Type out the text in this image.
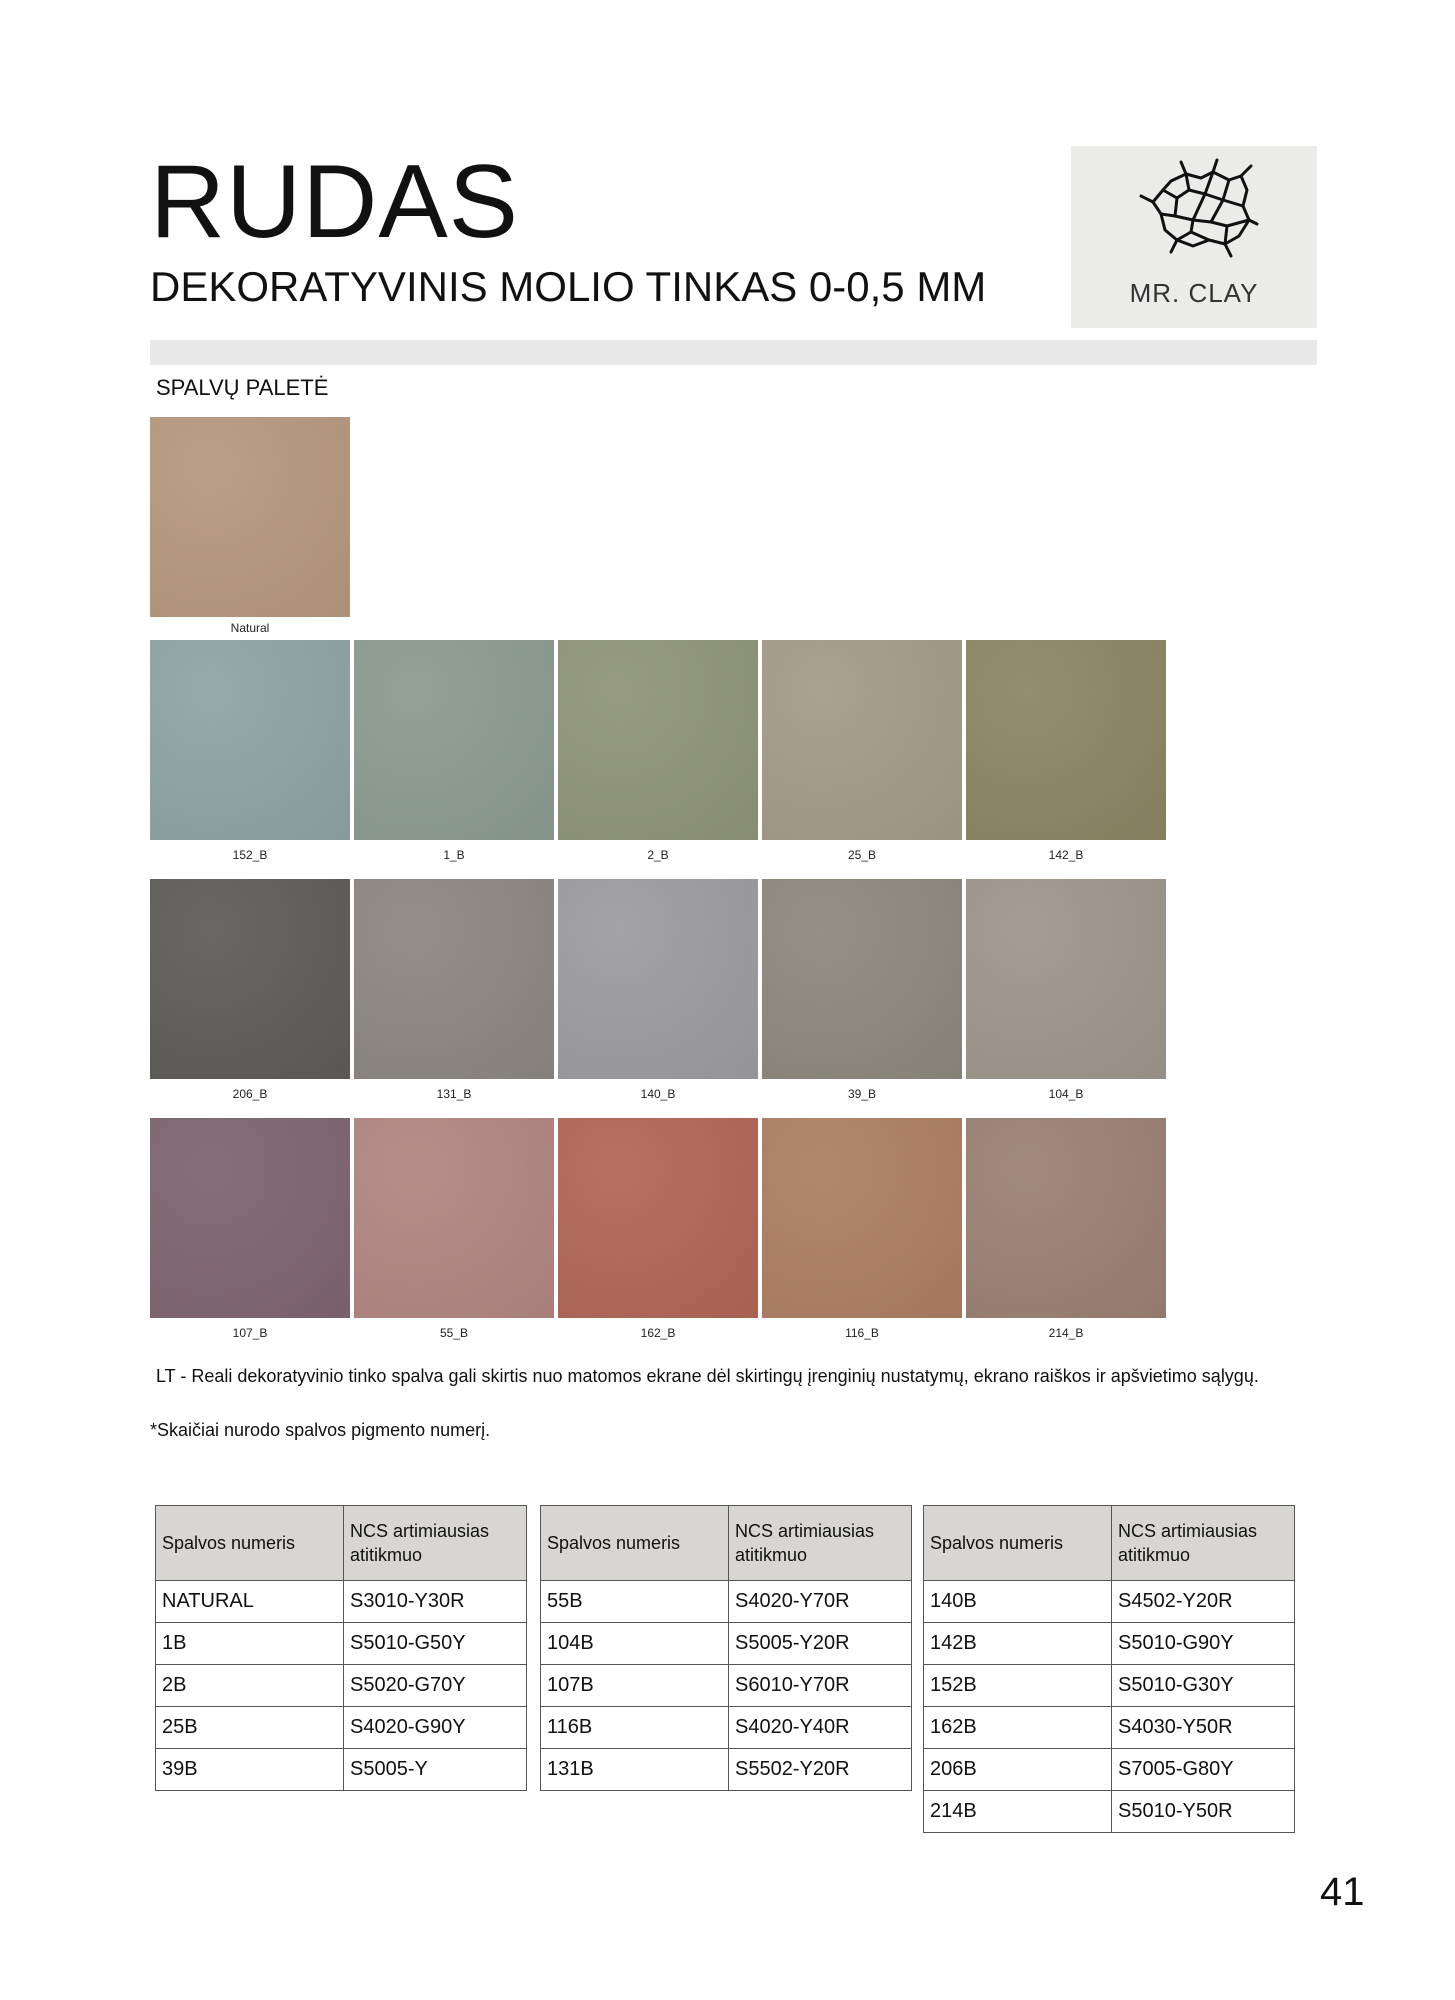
RUDAS
DEKORATYVINIS MOLIO TINKAS 0-0,5 MM	MR. CLAY
SPALVŲ PALETĖ
Natural
152_B	1_B	2_B	25_B	142_B
206_B	131_B	140_B	39_B	104_B
107_B	55_B	162_B	116_B	214_B
LT - Reali dekoratyvinio tinko spalva gali skirtis nuo matomos ekrane dėl skirtingų įrenginių nustatymų, ekrano raiškos ir apšvietimo sąlygų.
*Skaičiai nurodo spalvos pigmento numerį.
Spalvos numeris	NCS artimiausias atitikmuo
NATURAL	S3010-Y30R
1B	S5010-G50Y
2B	S5020-G70Y
25B	S4020-G90Y
39B	S5005-Y
Spalvos numeris	NCS artimiausias atitikmuo
55B	S4020-Y70R
104B	S5005-Y20R
107B	S6010-Y70R
116B	S4020-Y40R
131B	S5502-Y20R
Spalvos numeris	NCS artimiausias atitikmuo
140B	S4502-Y20R
142B	S5010-G90Y
152B	S5010-G30Y
162B	S4030-Y50R
206B	S7005-G80Y
214B	S5010-Y50R
41
